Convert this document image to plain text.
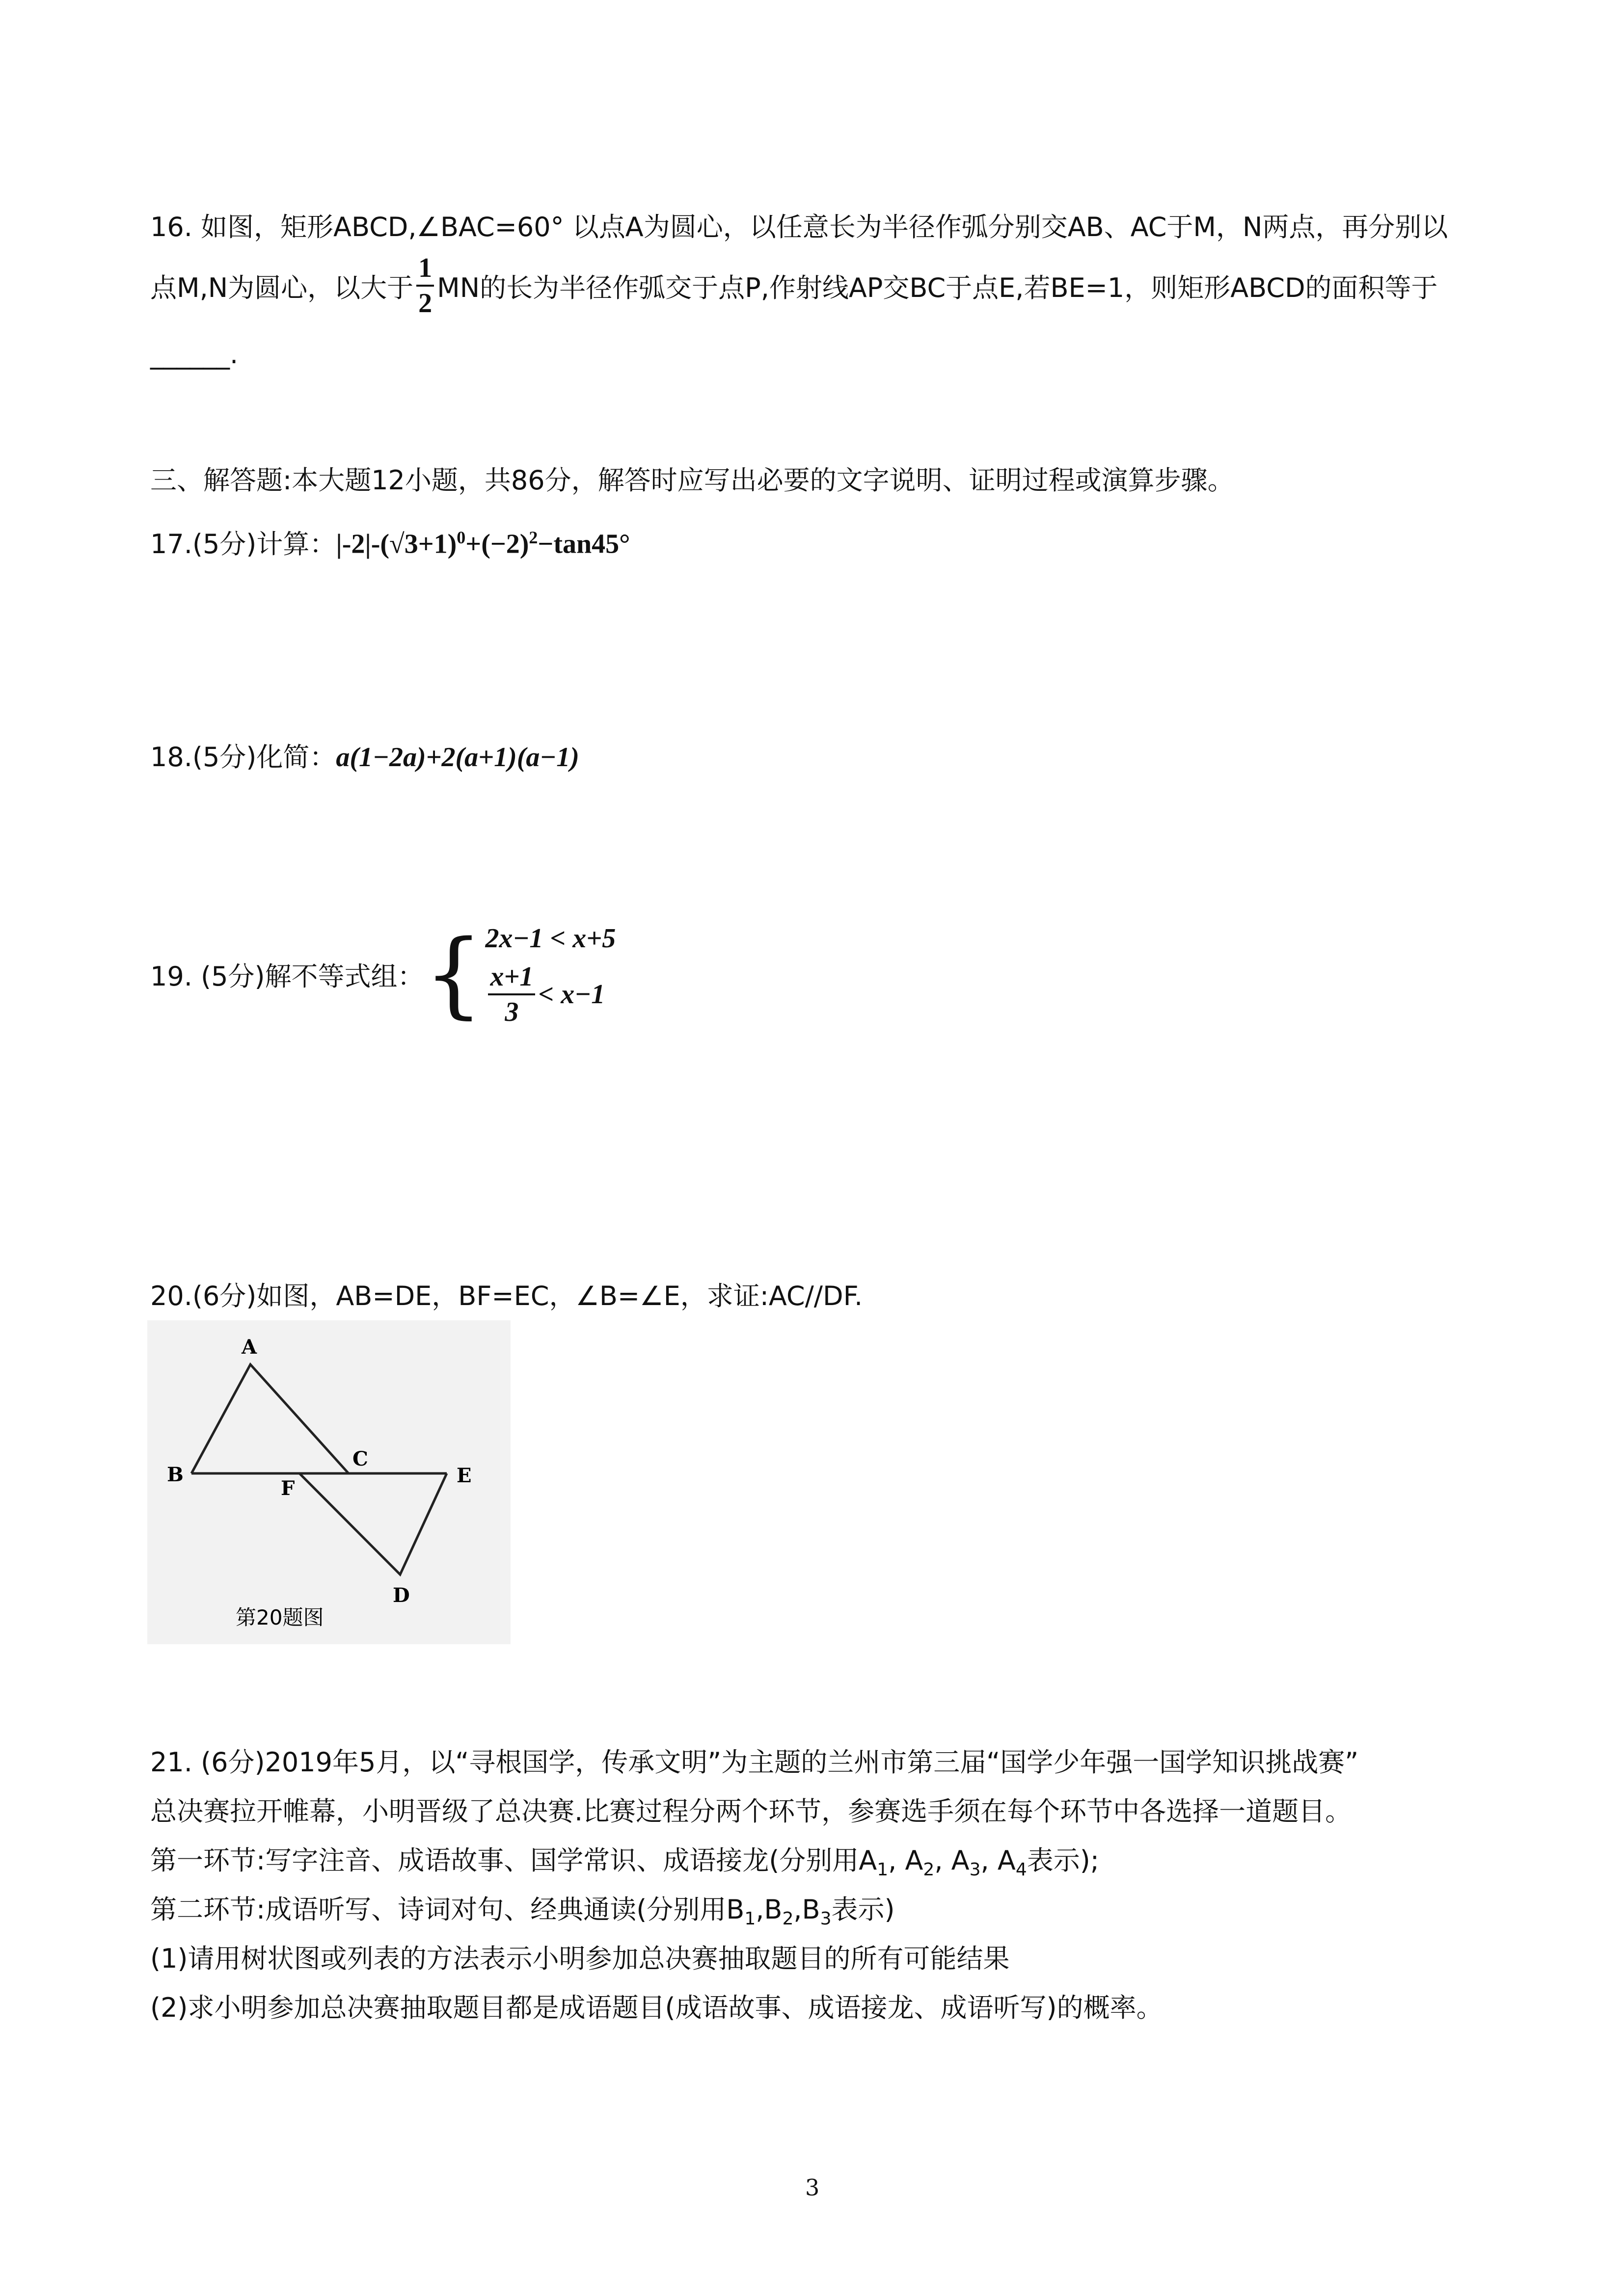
16. 如图，矩形ABCD,∠BAC=60° 以点A为圆心，以任意长为半径作弧分别交AB、AC于M，N两点，再分别以
点M,N为圆心，以大于 $\frac{1}{2}$ MN的长为半径作弧交于点P,作射线AP交BC于点E,若BE=1，则矩形ABCD的面积等于
______.
三、解答题:本大题12小题，共86分，解答时应写出必要的文字说明、证明过程或演算步骤。
17.(5分)计算： $|-2|-(√3+1)^0+(-2)^2-\tan 45^\circ$
18.(5分)化简： a(1−2a)+2(a+1)(a−1)
19. (5分)解不等式组： { 2x−1 < x+5
$\frac{x+1}{3} < x-1$
20.(6分)如图，AB=DE，BF=EC，∠B=∠E，求证:AC//DF.
A
B
C
D
E
F
第20题图
21. (6分)2019年5月，以“寻根国学，传承文明”为主题的兰州市第三届“国学少年强一国学知识挑战赛”
总决赛拉开帷幕，小明晋级了总决赛.比赛过程分两个环节，参赛选手须在每个环节中各选择一道题目。
第一环节:写字注音、成语故事、国学常识、成语接龙(分别用$A_1$, $A_2$, $A_3$, $A_4$表示);
第二环节:成语听写、诗词对句、经典通读(分别用$B_1,B_2,B_3$表示)
(1)请用树状图或列表的方法表示小明参加总决赛抽取题目的所有可能结果
(2)求小明参加总决赛抽取题目都是成语题目(成语故事、成语接龙、成语听写)的概率。
3
